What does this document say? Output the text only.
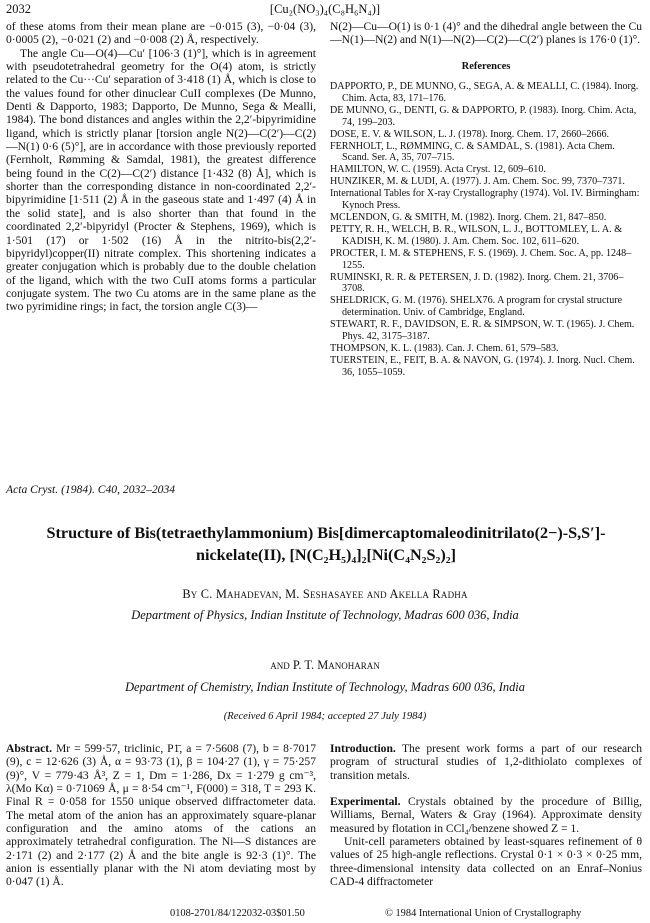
2032	[Cu₂(NO₃)₄(C₈H₆N₄)]

of these atoms from their mean plane are −0·015 (3), −0·04 (3), 0·0005 (2), −0·021 (2) and −0·008 (2) Å, respectively.

The angle Cu—O(4)—Cu′ [106·3 (1)°], which is in agreement with pseudotetrahedral geometry for the O(4) atom, is strictly related to the Cu···Cu′ separation of 3·418 (1) Å, which is close to the values found for other dinuclear CuII complexes (De Munno, Denti & Dapporto, 1983; Dapporto, De Munno, Sega & Mealli, 1984). The bond distances and angles within the 2,2′-bipyrimidine ligand, which is strictly planar [torsion angle N(2)—C(2′)—C(2)—N(1) 0·6 (5)°], are in accordance with those previously reported (Fernholt, Rømming & Samdal, 1981), the greatest difference being found in the C(2)—C(2′) distance [1·432 (8) Å], which is shorter than the corresponding distance in non-coordinated 2,2′-bipyrimidine [1·511 (2) Å in the gaseous state and 1·497 (4) Å in the solid state], and is also shorter than that found in the coordinated 2,2′-bipyridyl (Procter & Stephens, 1969), which is 1·501 (17) or 1·502 (16) Å in the nitrito-bis(2,2′-bipyridyl)copper(II) nitrate complex. This shortening indicates a greater conjugation which is probably due to the double chelation of the ligand, which with the two CuII atoms forms a particular conjugate system. The two Cu atoms are in the same plane as the two pyrimidine rings; in fact, the torsion angle C(3)—

N(2)—Cu—O(1) is 0·1 (4)° and the dihedral angle between the Cu—N(1)—N(2) and N(1)—N(2)—C(2)—C(2′) planes is 176·0 (1)°.

References
DAPPORTO, P., DE MUNNO, G., SEGA, A. & MEALLI, C. (1984). Inorg. Chim. Acta, 83, 171–176.
DE MUNNO, G., DENTI, G. & DAPPORTO, P. (1983). Inorg. Chim. Acta, 74, 199–203.
DOSE, E. V. & WILSON, L. J. (1978). Inorg. Chem. 17, 2660–2666.
FERNHOLT, L., RØMMING, C. & SAMDAL, S. (1981). Acta Chem. Scand. Ser. A, 35, 707–715.
HAMILTON, W. C. (1959). Acta Cryst. 12, 609–610.
HUNZIKER, M. & LUDI, A. (1977). J. Am. Chem. Soc. 99, 7370–7371.
International Tables for X-ray Crystallography (1974). Vol. IV. Birmingham: Kynoch Press.
MCLENDON, G. & SMITH, M. (1982). Inorg. Chem. 21, 847–850.
PETTY, R. H., WELCH, B. R., WILSON, L. J., BOTTOMLEY, L. A. & KADISH, K. M. (1980). J. Am. Chem. Soc. 102, 611–620.
PROCTER, I. M. & STEPHENS, F. S. (1969). J. Chem. Soc. A, pp. 1248–1255.
RUMINSKI, R. R. & PETERSEN, J. D. (1982). Inorg. Chem. 21, 3706–3708.
SHELDRICK, G. M. (1976). SHELX76. A program for crystal structure determination. Univ. of Cambridge, England.
STEWART, R. F., DAVIDSON, E. R. & SIMPSON, W. T. (1965). J. Chem. Phys. 42, 3175–3187.
THOMPSON, K. L. (1983). Can. J. Chem. 61, 579–583.
TUERSTEIN, E., FEIT, B. A. & NAVON, G. (1974). J. Inorg. Nucl. Chem. 36, 1055–1059.
Acta Cryst. (1984). C40, 2032–2034
Structure of Bis(tetraethylammonium) Bis[dimercaptomaleodinitrilato(2−)-S,S′]-
nickelate(II), [N(C₂H₅)₄]₂[Ni(C₄N₂S₂)₂]
By C. Mahadevan, M. Seshasayee and Akella Radha
Department of Physics, Indian Institute of Technology, Madras 600 036, India
and P. T. Manoharan
Department of Chemistry, Indian Institute of Technology, Madras 600 036, India
(Received 6 April 1984; accepted 27 July 1984)

Abstract. Mr = 599·57, triclinic, P1̄, a = 7·5608 (7), b = 8·7017 (9), c = 12·626 (3) Å, α = 93·73 (1), β = 104·27 (1), γ = 75·257 (9)°, V = 779·43 Å³, Z = 1, Dm = 1·286, Dx = 1·279 g cm⁻³, λ(Mo Kα) = 0·71069 Å, μ = 8·54 cm⁻¹, F(000) = 318, T = 293 K. Final R = 0·058 for 1550 unique observed diffractometer data. The metal atom of the anion has an approximately square-planar configuration and the amino atoms of the cations an approximately tetrahedral configuration. The Ni—S distances are 2·171 (2) and 2·177 (2) Å and the bite angle is 92·3 (1)°. The anion is essentially planar with the Ni atom deviating most by 0·047 (1) Å.

Introduction. The present work forms a part of our research program of structural studies of 1,2-dithiolato complexes of transition metals.

Experimental. Crystals obtained by the procedure of Billig, Williams, Bernal, Waters & Gray (1964). Approximate density measured by flotation in CCl₄/benzene showed Z = 1.

Unit-cell parameters obtained by least-squares refinement of θ values of 25 high-angle reflections. Crystal 0·1 × 0·3 × 0·25 mm, three-dimensional intensity data collected on an Enraf–Nonius CAD-4 diffractometer

0108-2701/84/122032-03$01.50	© 1984 International Union of Crystallography
